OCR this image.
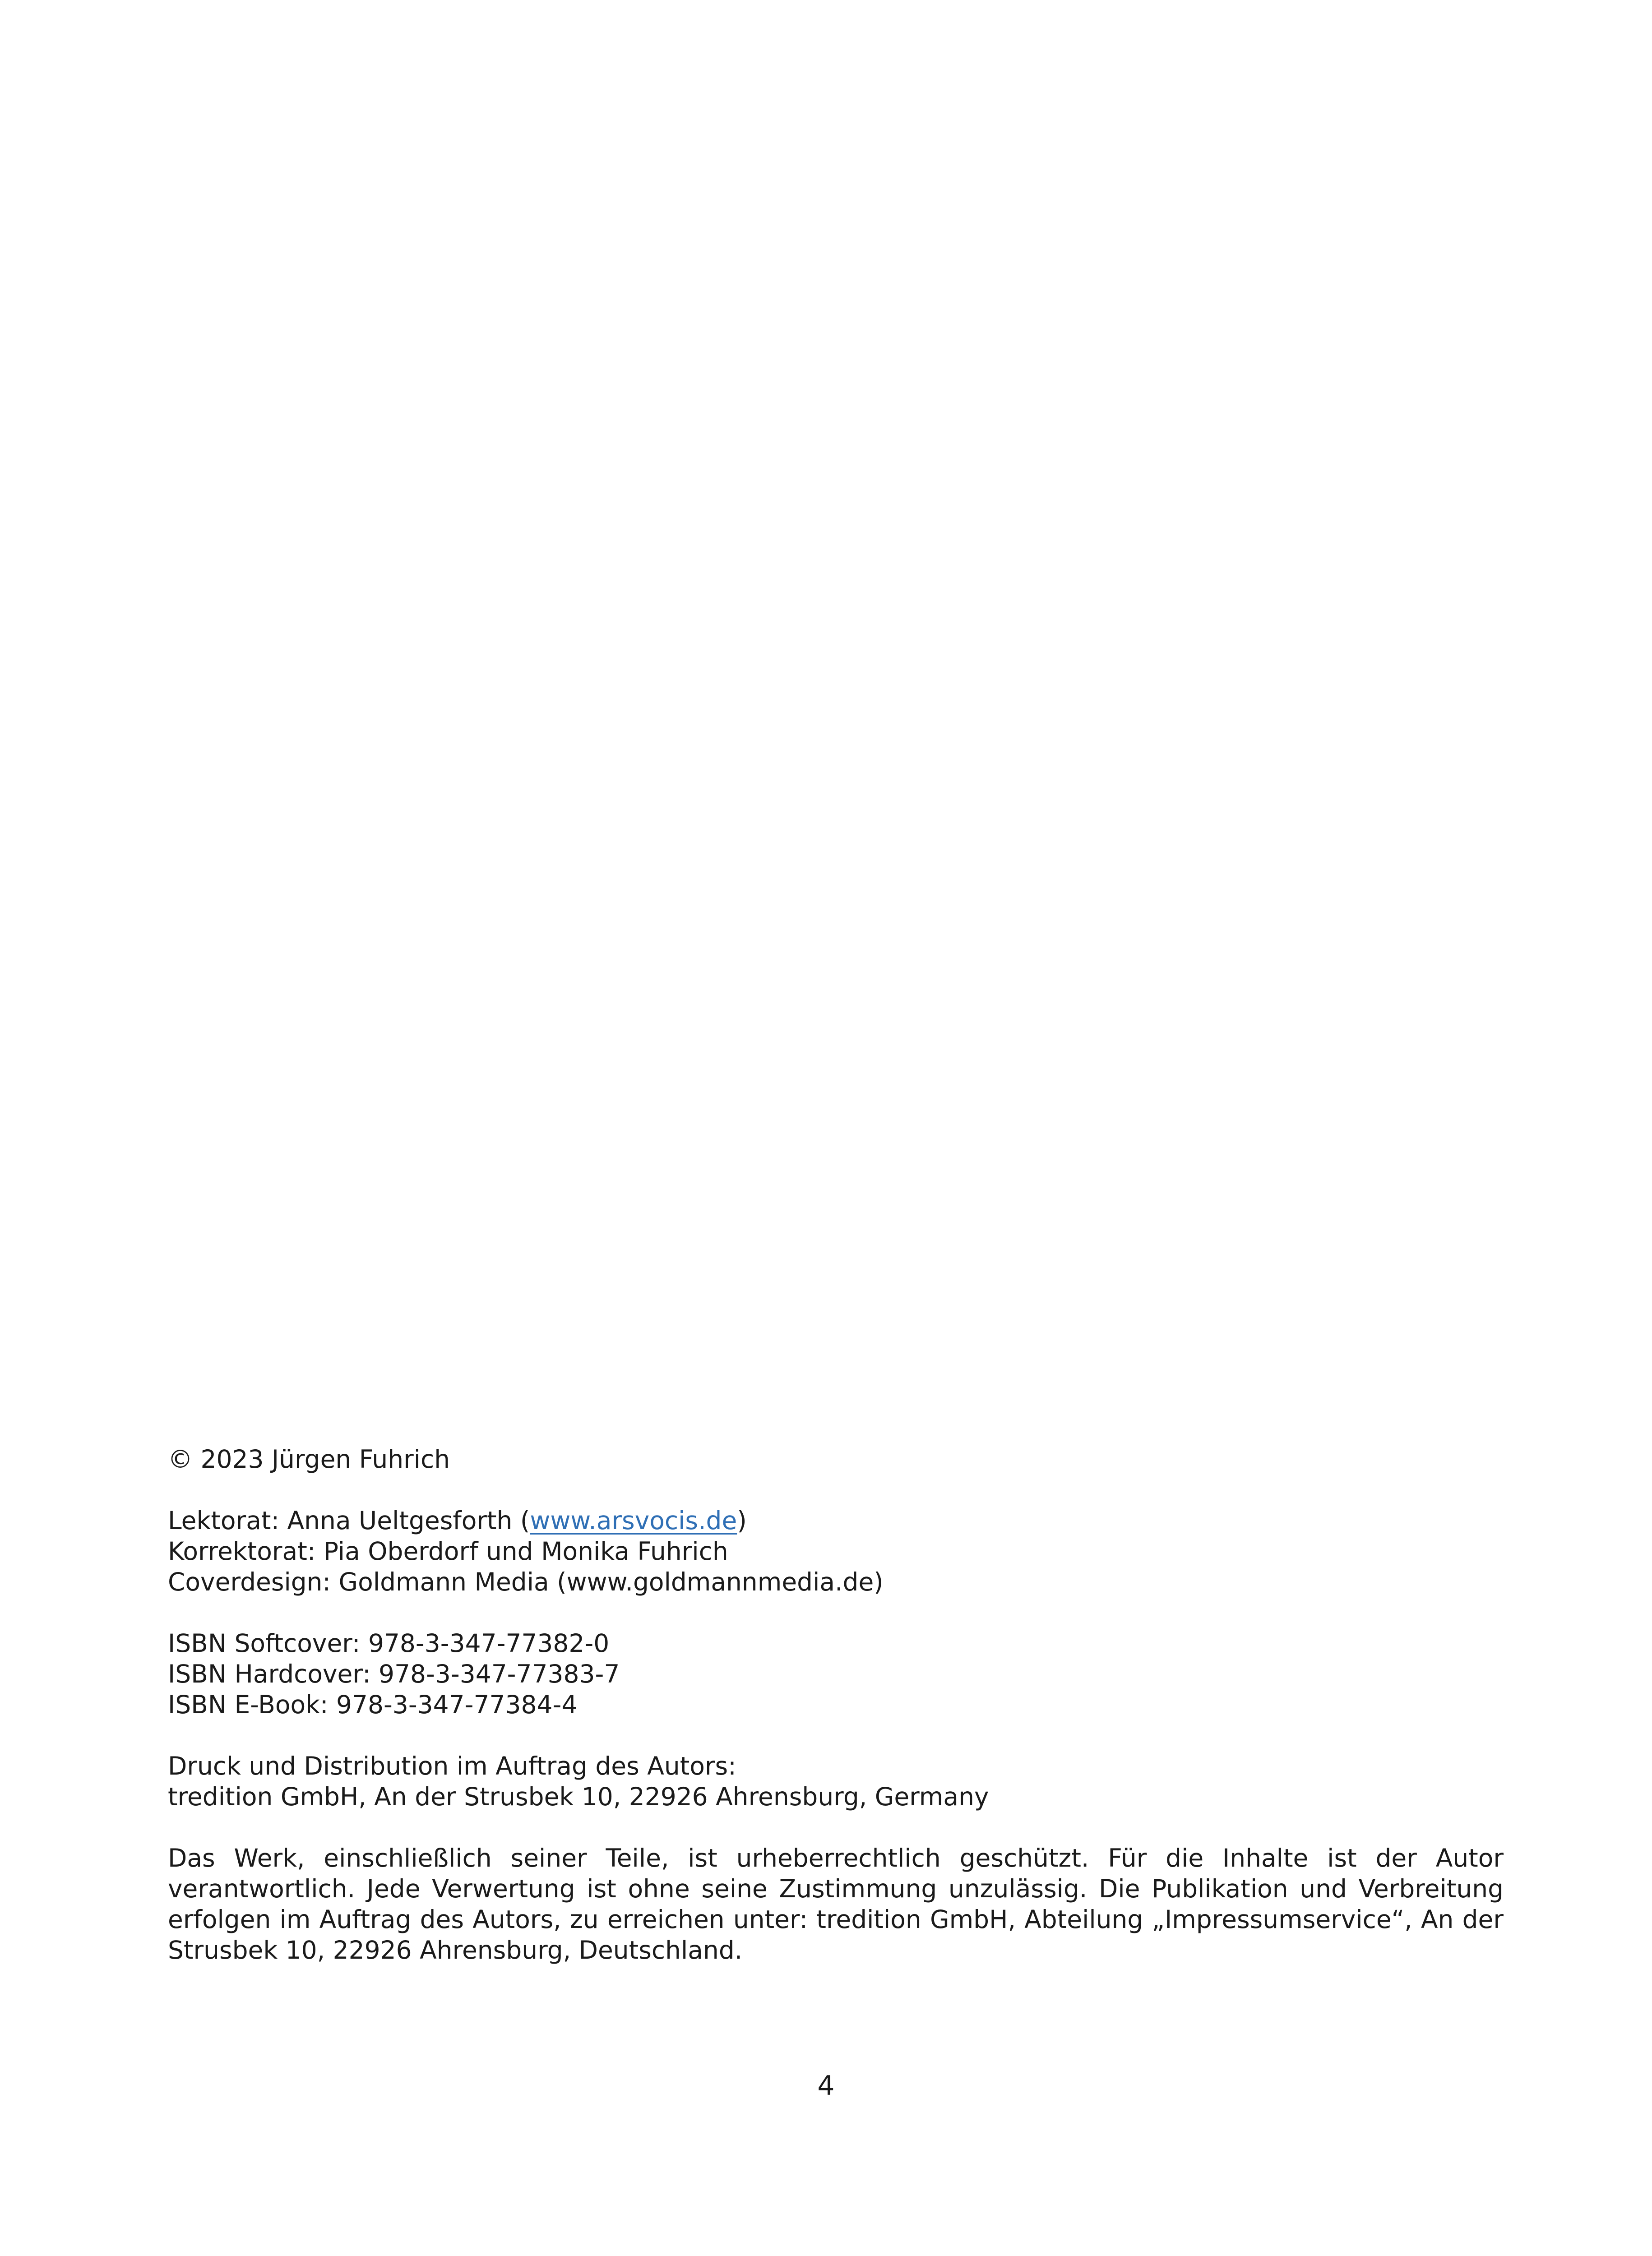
© 2023 Jürgen Fuhrich

Lektorat: Anna Ueltgesforth (www.arsvocis.de)

Korrektorat: Pia Oberdorf und Monika Fuhrich

Coverdesign: Goldmann Media (www.goldmannmedia.de)

ISBN Softcover: 978-3-347-77382-0

ISBN Hardcover: 978-3-347-77383-7

ISBN E-Book: 978-3-347-77384-4

Druck und Distribution im Auftrag des Autors:

tredition GmbH, An der Strusbek 10, 22926 Ahrensburg, Germany

Das Werk, einschließlich seiner Teile, ist urheberrechtlich geschützt. Für die Inhalte ist der Autor verantwortlich. Jede Verwertung ist ohne seine Zustimmung unzulässig. Die Publikation und Verbreitung erfolgen im Auftrag des Autors, zu erreichen unter: tredition GmbH, Abteilung „Impressumservice“, An der Strusbek 10, 22926 Ahrensburg, Deutschland.

4
